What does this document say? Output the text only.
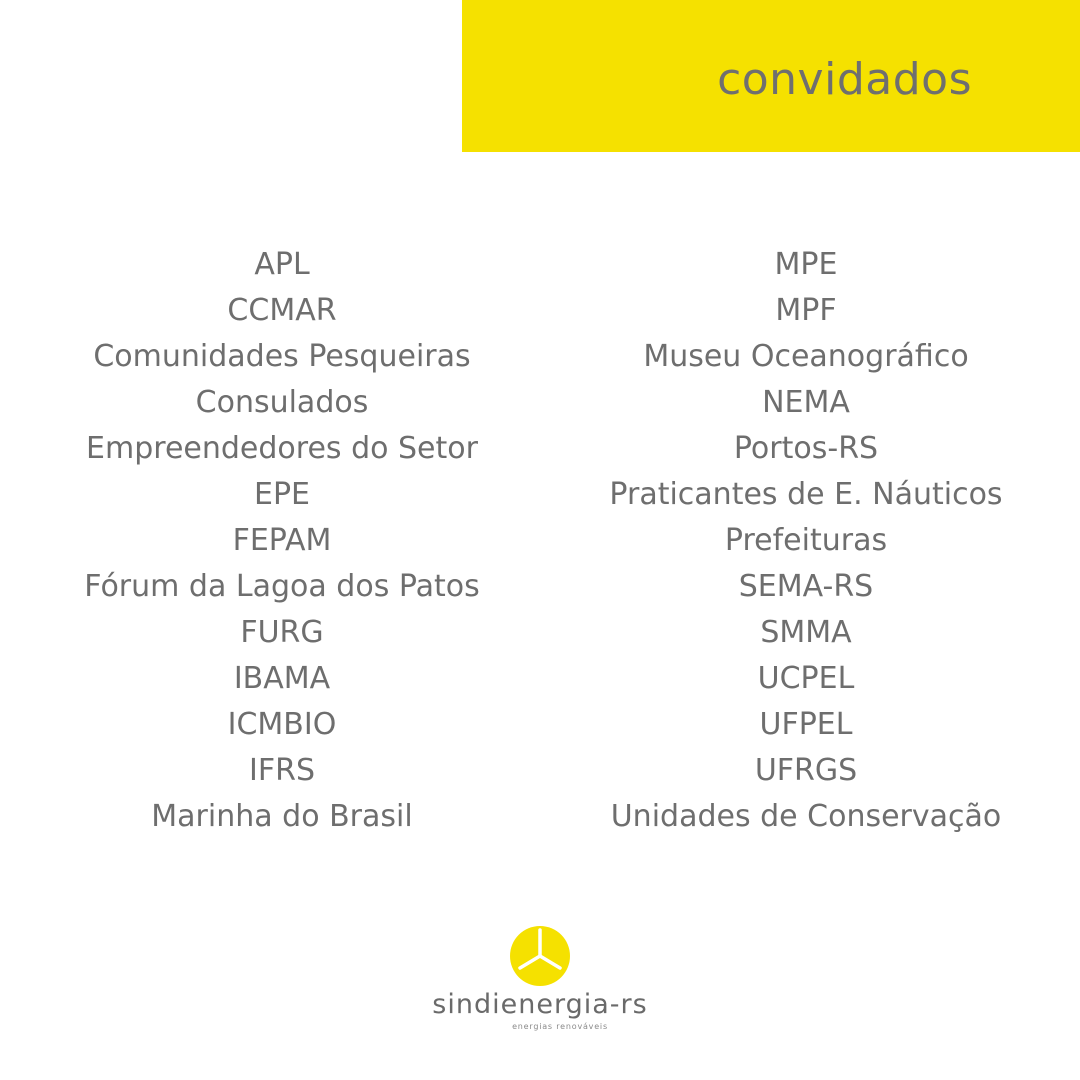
convidados
APL
CCMAR
Comunidades Pesqueiras
Consulados
Empreendedores do Setor
EPE
FEPAM
Fórum da Lagoa dos Patos
FURG
IBAMA
ICMBIO
IFRS
Marinha do Brasil
MPE
MPF
Museu Oceanográfico
NEMA
Portos-RS
Praticantes de E. Náuticos
Prefeituras
SEMA-RS
SMMA
UCPEL
UFPEL
UFRGS
Unidades de Conservação
sindienergia-rs
energias renováveis
